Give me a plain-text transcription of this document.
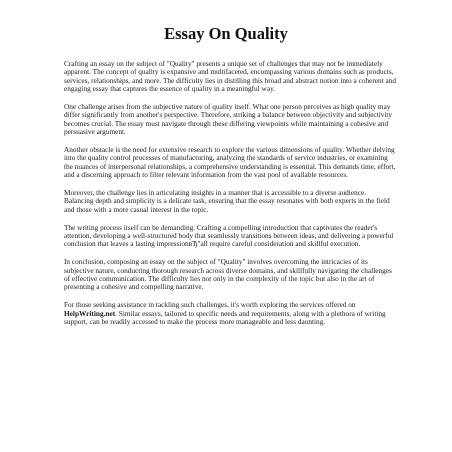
Essay On Quality

Crafting an essay on the subject of "Quality" presents a unique set of challenges that may not be immediately apparent. The concept of quality is expansive and multifaceted, encompassing various domains such as products, services, relationships, and more. The difficulty lies in distilling this broad and abstract notion into a coherent and engaging essay that captures the essence of quality in a meaningful way.

One challenge arises from the subjective nature of quality itself. What one person perceives as high quality may differ significantly from another's perspective. Therefore, striking a balance between objectivity and subjectivity becomes crucial. The essay must navigate through these differing viewpoints while maintaining a cohesive and persuasive argument.

Another obstacle is the need for extensive research to explore the various dimensions of quality. Whether delving into the quality control processes of manufacturing, analyzing the standards of service industries, or examining the nuances of interpersonal relationships, a comprehensive understanding is essential. This demands time, effort, and a discerning approach to filter relevant information from the vast pool of available resources.

Moreover, the challenge lies in articulating insights in a manner that is accessible to a diverse audience. Balancing depth and simplicity is a delicate task, ensuring that the essay resonates with both experts in the field and those with a more casual interest in the topic.

The writing process itself can be demanding. Crafting a compelling introduction that captivates the reader's attention, developing a well-structured body that seamlessly transitions between ideas, and delivering a powerful conclusion that leaves a lasting impressionвЂ"all require careful consideration and skillful execution.

In conclusion, composing an essay on the subject of "Quality" involves overcoming the intricacies of its subjective nature, conducting thorough research across diverse domains, and skillfully navigating the challenges of effective communication. The difficulty lies not only in the complexity of the topic but also in the art of presenting a cohesive and compelling narrative.

For those seeking assistance in tackling such challenges, it's worth exploring the services offered on HelpWriting.net. Similar essays, tailored to specific needs and requirements, along with a plethora of writing support, can be readily accessed to make the process more manageable and less daunting.
